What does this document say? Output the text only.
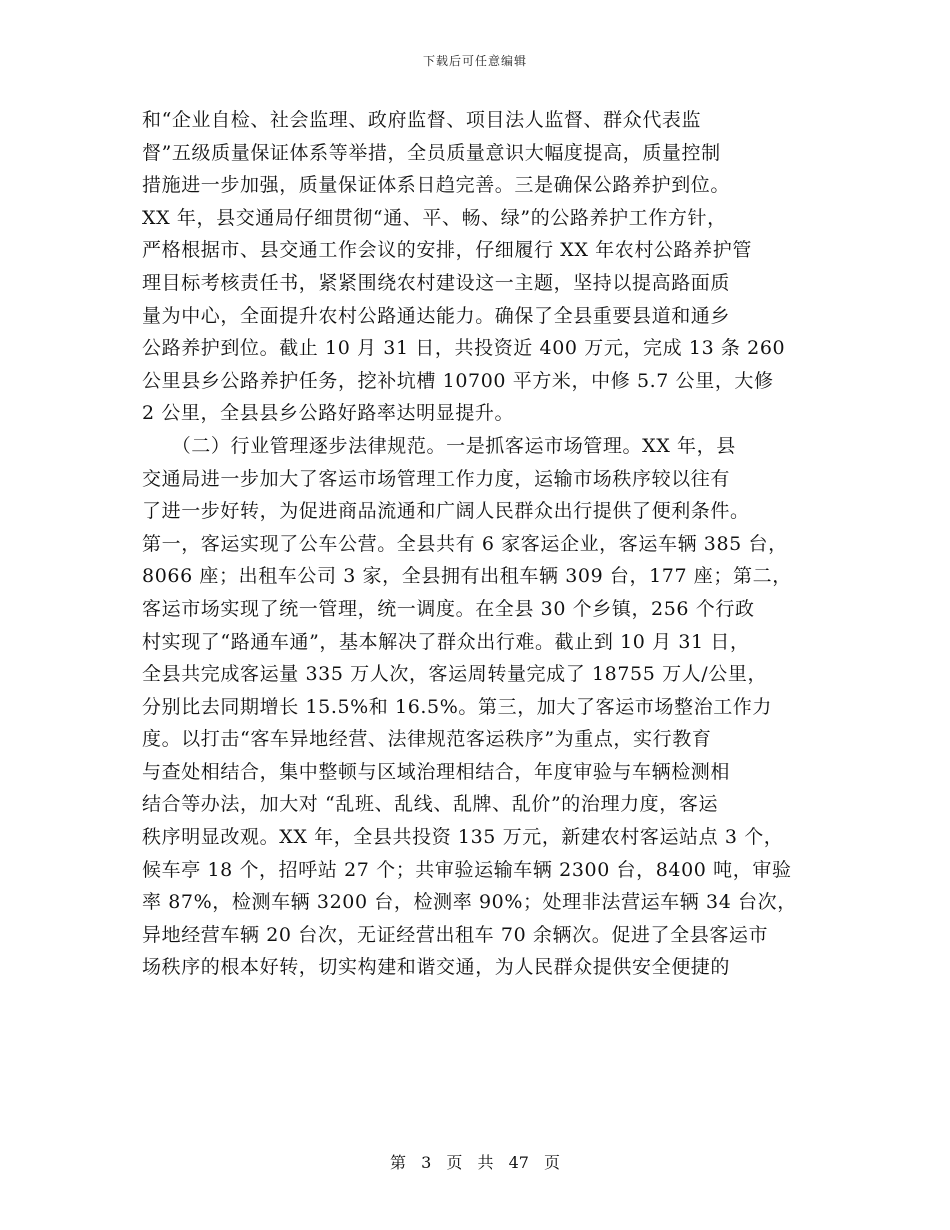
下载后可任意编辑
和“企业自检、社会监理、政府监督、项目法人监督、群众代表监
督”五级质量保证体系等举措，全员质量意识大幅度提高，质量控制
措施进一步加强，质量保证体系日趋完善。三是确保公路养护到位。
XX 年，县交通局仔细贯彻“通、平、畅、绿”的公路养护工作方针，
严格根据市、县交通工作会议的安排，仔细履行 XX 年农村公路养护管
理目标考核责任书，紧紧围绕农村建设这一主题，坚持以提高路面质
量为中心，全面提升农村公路通达能力。确保了全县重要县道和通乡
公路养护到位。截止 10 月 31 日，共投资近 400 万元，完成 13 条 260
公里县乡公路养护任务，挖补坑槽 10700 平方米，中修 5.7 公里，大修
2 公里，全县县乡公路好路率达明显提升。
　　（二）行业管理逐步法律规范。一是抓客运市场管理。XX 年，县
交通局进一步加大了客运市场管理工作力度，运输市场秩序较以往有
了进一步好转，为促进商品流通和广阔人民群众出行提供了便利条件。
第一，客运实现了公车公营。全县共有 6 家客运企业，客运车辆 385 台，
8066 座；出租车公司 3 家，全县拥有出租车辆 309 台，177 座；第二，
客运市场实现了统一管理，统一调度。在全县 30 个乡镇，256 个行政
村实现了“路通车通”，基本解决了群众出行难。截止到 10 月 31 日，
全县共完成客运量 335 万人次，客运周转量完成了 18755 万人/公里，
分别比去同期增长 15.5%和 16.5%。第三，加大了客运市场整治工作力
度。以打击“客车异地经营、法律规范客运秩序”为重点，实行教育
与查处相结合，集中整顿与区域治理相结合，年度审验与车辆检测相
结合等办法，加大对 “乱班、乱线、乱牌、乱价”的治理力度，客运
秩序明显改观。XX 年，全县共投资 135 万元，新建农村客运站点 3 个，
候车亭 18 个，招呼站 27 个；共审验运输车辆 2300 台，8400 吨，审验
率 87%，检测车辆 3200 台，检测率 90%；处理非法营运车辆 34 台次，
异地经营车辆 20 台次，无证经营出租车 70 余辆次。促进了全县客运市
场秩序的根本好转，切实构建和谐交通，为人民群众提供安全便捷的
第 3 页 共 47 页
